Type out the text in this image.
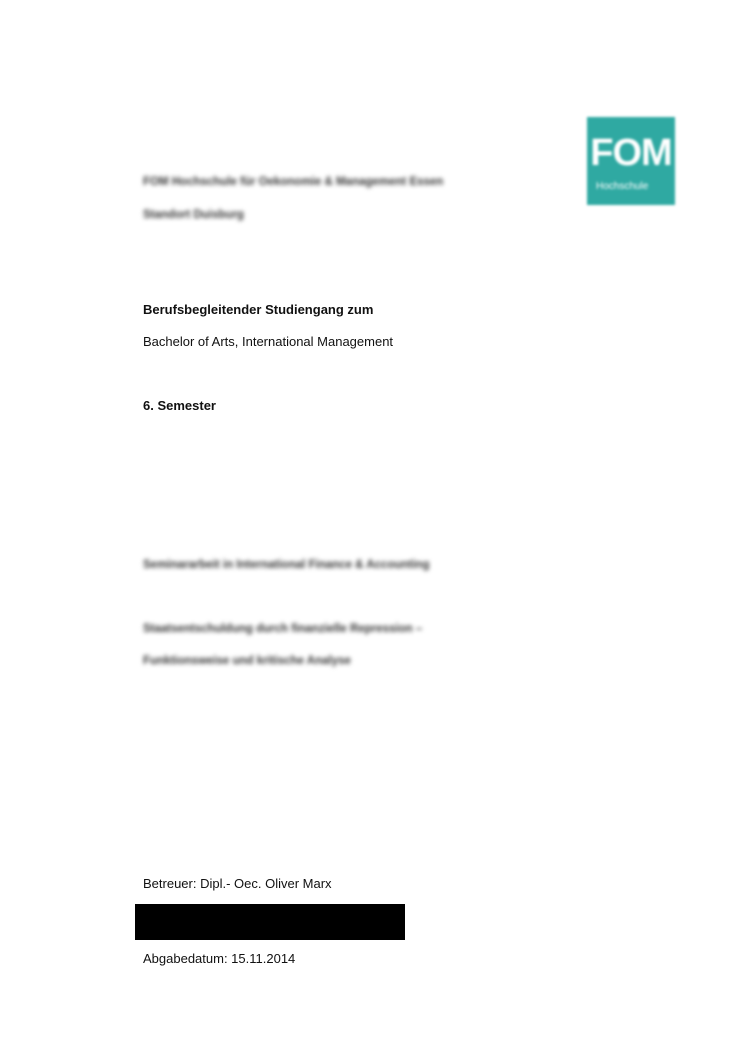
FOM Hochschule für Oekonomie & Management Essen
Standort Duisburg
FOM
Hochschule
Berufsbegleitender Studiengang zum
Bachelor of Arts, International Management
6. Semester
Seminararbeit in International Finance & Accounting
Staatsentschuldung durch finanzielle Repression –
Funktionsweise und kritische Analyse
Betreuer: Dipl.- Oec. Oliver Marx
Abgabedatum: 15.11.2014
